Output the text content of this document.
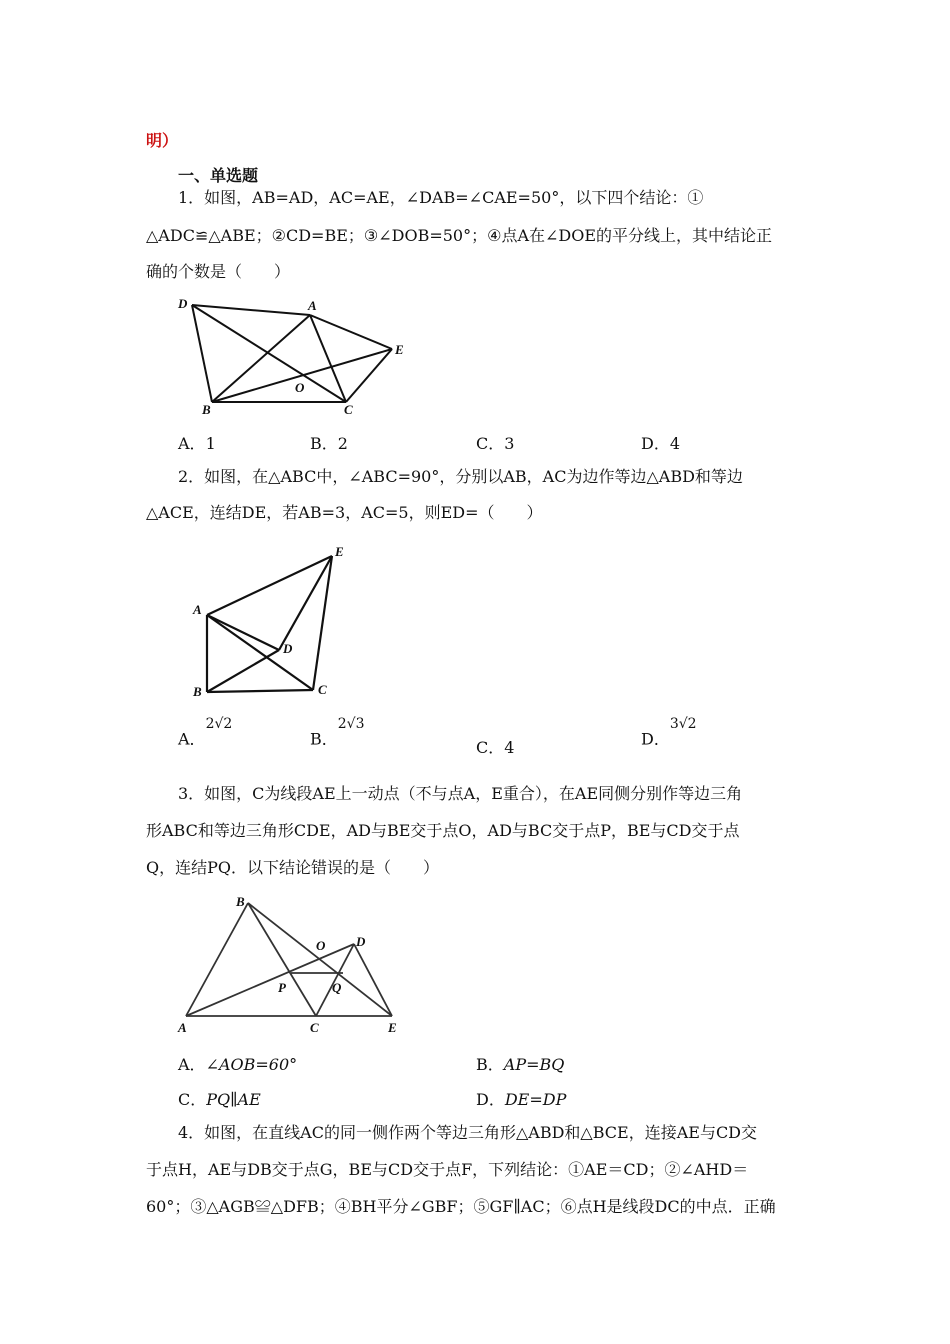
明）
一、单选题
1．如图，AB=AD，AC=AE，∠DAB=∠CAE=50°，以下四个结论：①
△ADC≌△ABE；②CD=BE；③∠DOB=50°；④点A在∠DOE的平分线上，其中结论正
确的个数是（　　）
D	A
E
O
B	C
A．1	B．2	C．3	D．4
2．如图，在△ABC中，∠ABC=90°，分别以AB，AC为边作等边△ABD和等边
△ACE，连结DE，若AB=3，AC=5，则ED=（　　）
E
A
D
B	C
A．$^{2√2}$
B．$^{2√3}$
C．4	D．$^{3√2}$
3．如图，C为线段AE上一动点（不与点A，E重合），在AE同侧分别作等边三角
形ABC和等边三角形CDE，AD与BE交于点O，AD与BC交于点P，BE与CD交于点
Q，连结PQ．以下结论错误的是（　　）
B
O D
P	Q
A	C	E
A．∠AOB=60°	B．AP=BQ
C．PQ∥AE	D．DE=DP
4．如图，在直线AC的同一侧作两个等边三角形△ABD和△BCE，连接AE与CD交
于点H，AE与DB交于点G，BE与CD交于点F，下列结论：①AE＝CD；②∠AHD＝
60°；③△AGB≌△DFB；④BH平分∠GBF；⑤GF∥AC；⑥点H是线段DC的中点．正确
